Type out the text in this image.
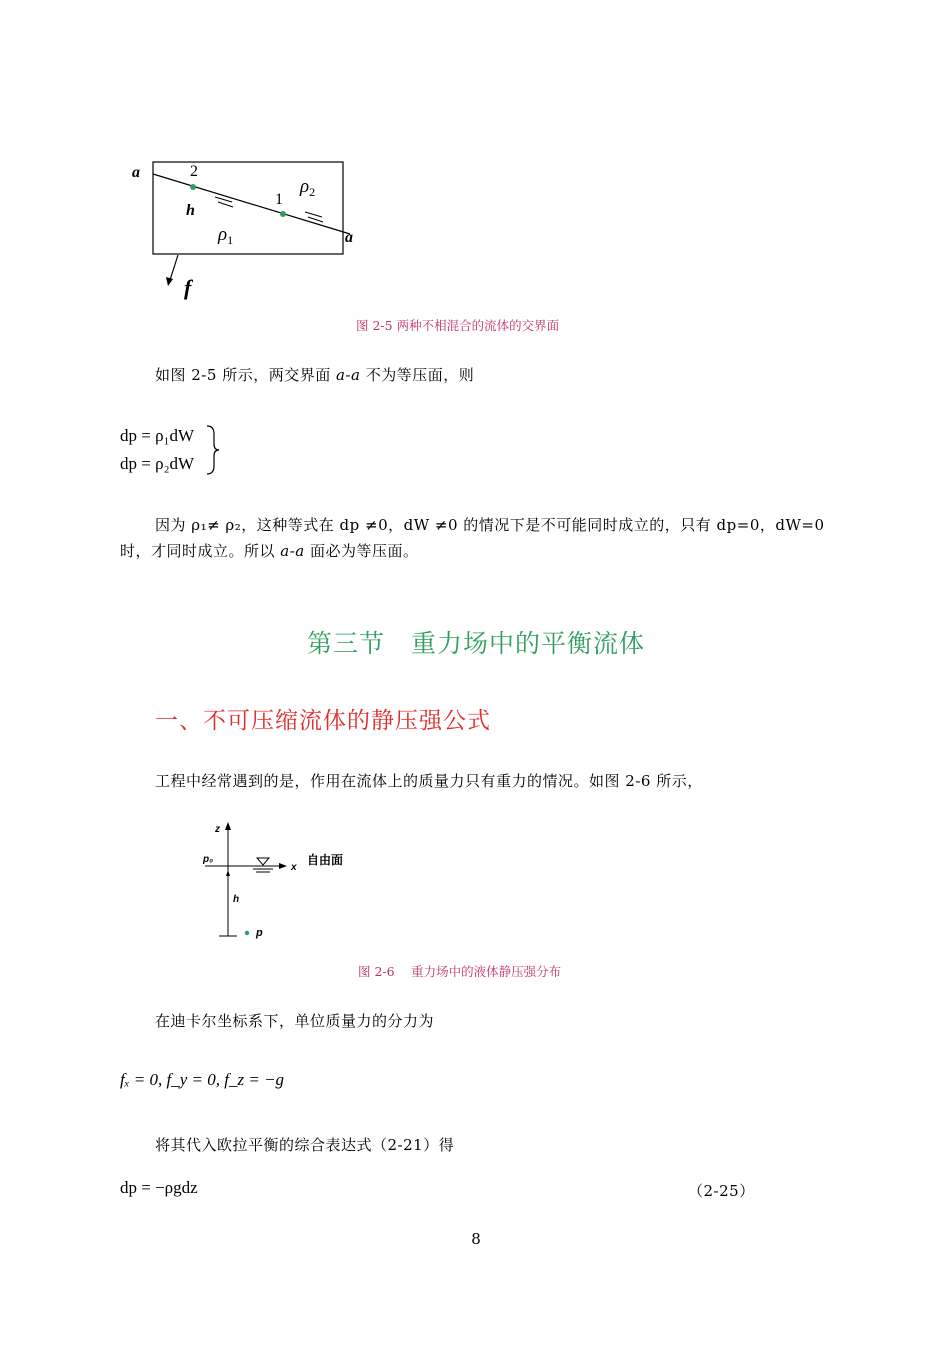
a	2
1
h
$\rho_2$
$\rho_1$	a
f
图 2-5 两种不相混合的流体的交界面
如图 2-5 所示，两交界面 a-a 不为等压面，则
dp = ρ₁dW
dp = ρ₂dW
因为 ρ₁≠ ρ₂，这种等式在 dp ≠0，dW ≠0 的情况下是不可能同时成立的，只有 dp=0，dW=0
时，才同时成立。所以 a-a 面必为等压面。
第三节　重力场中的平衡流体
一、不可压缩流体的静压强公式
工程中经常遇到的是，作用在流体上的质量力只有重力的情况。如图 2-6 所示，
z
p₀
x
自由面
h
p
图 2-6　 重力场中的液体静压强分布
在迪卡尔坐标系下，单位质量力的分力为
fₓ = 0, f_y = 0, f_z = −g
将其代入欧拉平衡的综合表达式（2-21）得
dp = −ρgdz	（2-25）
8
